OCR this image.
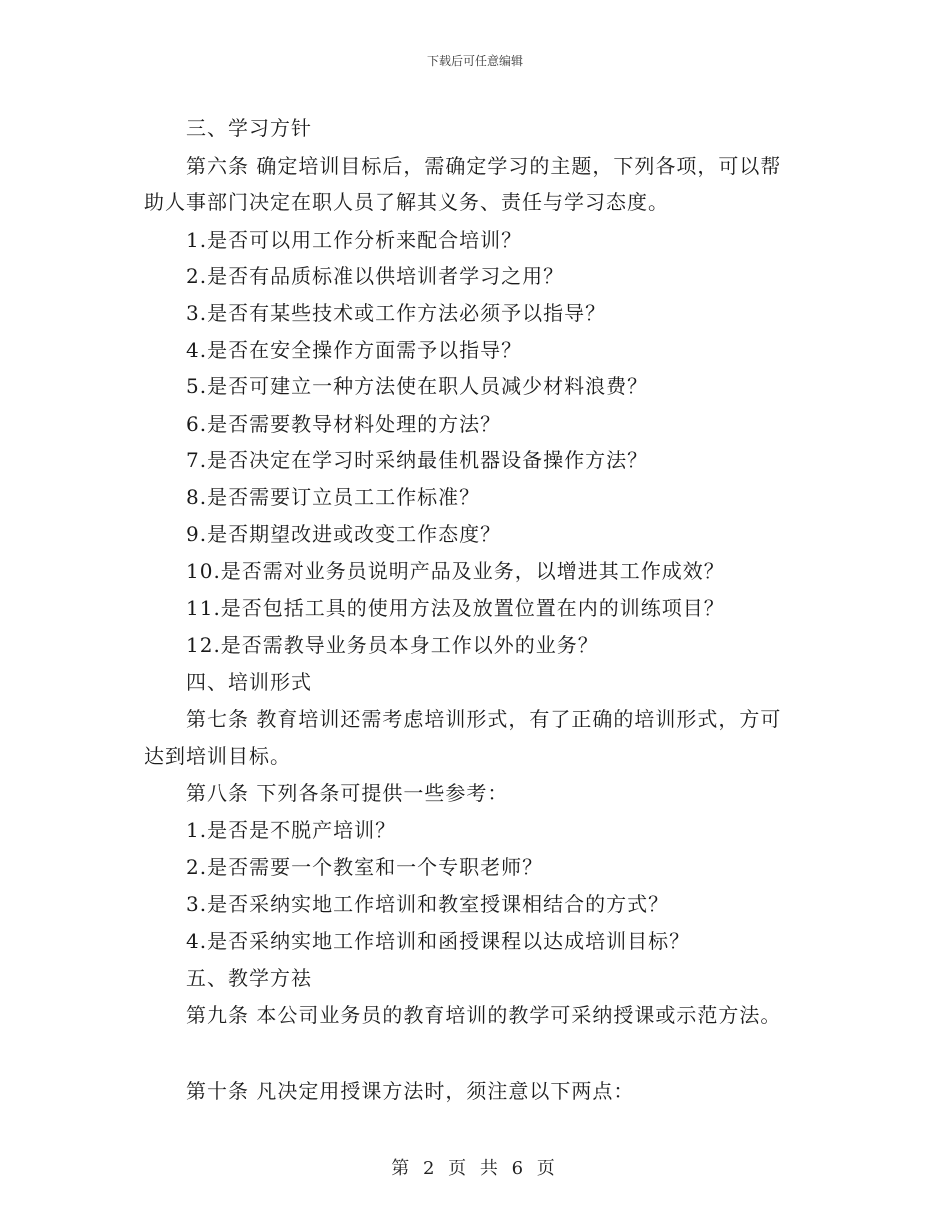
下载后可任意编辑
三、学习方针
第六条 确定培训目标后，需确定学习的主题，下列各项，可以帮
助人事部门决定在职人员了解其义务、责任与学习态度。
1.是否可以用工作分析来配合培训？
2.是否有品质标准以供培训者学习之用？
3.是否有某些技术或工作方法必须予以指导？
4.是否在安全操作方面需予以指导？
5.是否可建立一种方法使在职人员减少材料浪费？
6.是否需要教导材料处理的方法？
7.是否决定在学习时采纳最佳机器设备操作方法？
8.是否需要订立员工工作标准？
9.是否期望改进或改变工作态度？
10.是否需对业务员说明产品及业务，以增进其工作成效？
11.是否包括工具的使用方法及放置位置在内的训练项目？
12.是否需教导业务员本身工作以外的业务？
四、培训形式
第七条 教育培训还需考虑培训形式，有了正确的培训形式，方可
达到培训目标。
第八条 下列各条可提供一些参考：
1.是否是不脱产培训？
2.是否需要一个教室和一个专职老师？
3.是否采纳实地工作培训和教室授课相结合的方式？
4.是否采纳实地工作培训和函授课程以达成培训目标？
五、教学方祛
第九条 本公司业务员的教育培训的教学可采纳授课或示范方法。
第十条 凡决定用授课方法时，须注意以下两点：
第 2 页 共 6 页
